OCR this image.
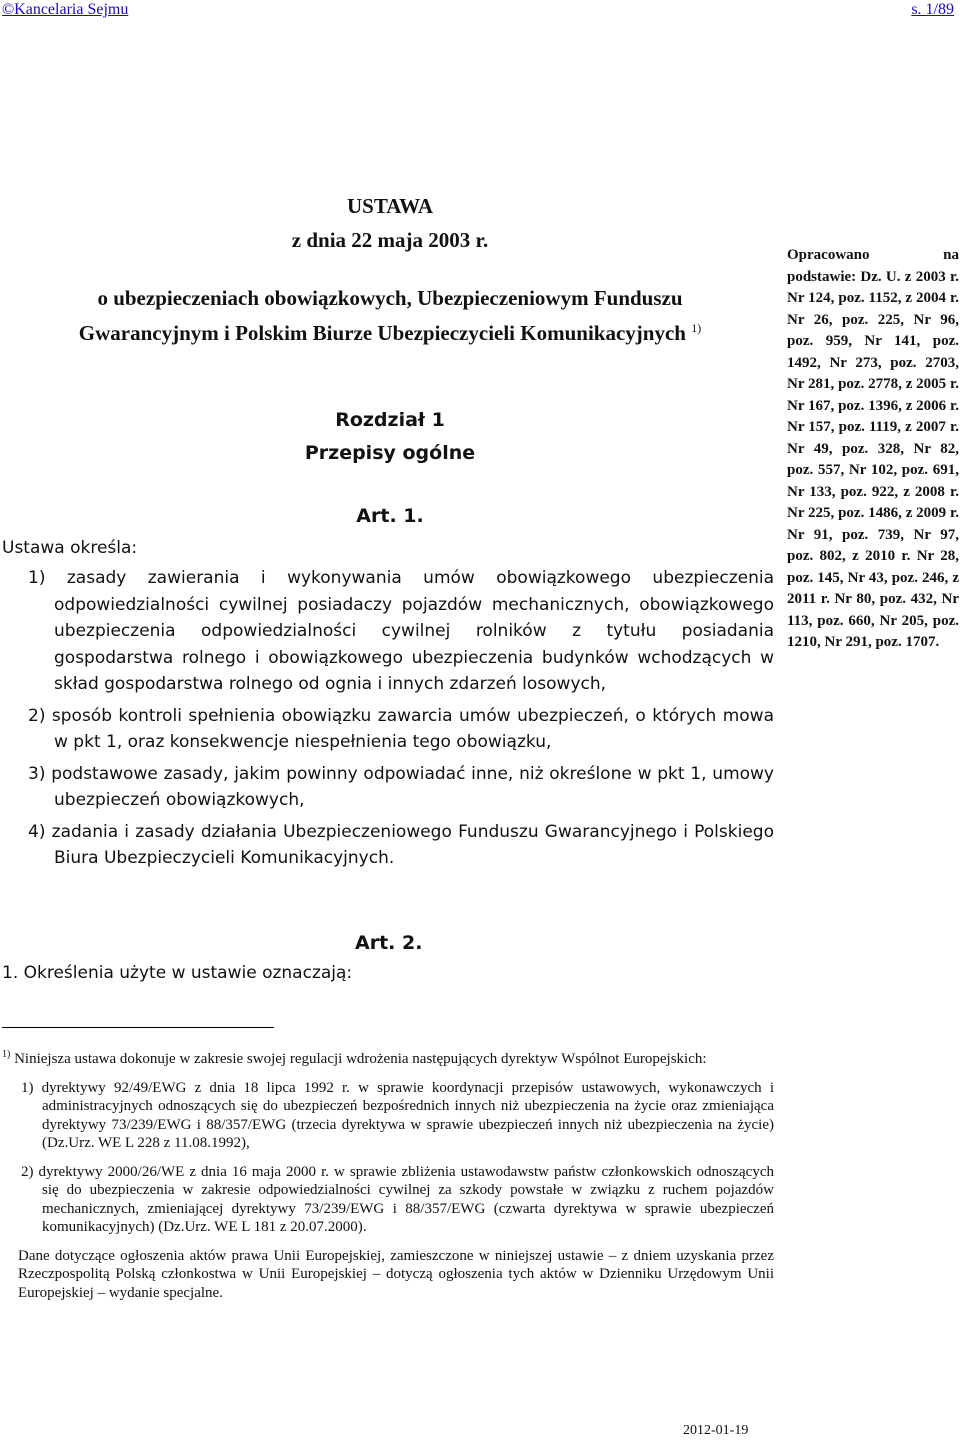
©Kancelaria Sejmu	s. 1/89
USTAWA
z dnia 22 maja 2003 r.
o ubezpieczeniach obowiązkowych, Ubezpieczeniowym Funduszu
Gwarancyjnym i Polskim Biurze Ubezpieczycieli Komunikacyjnych $^{1)}$
Rozdział 1
Przepisy ogólne
Art. 1.
Ustawa określa:
1) zasady zawierania i wykonywania umów obowiązkowego ubezpieczenia odpowiedzialności cywilnej posiadaczy pojazdów mechanicznych, obowiązkowego ubezpieczenia odpowiedzialności cywilnej rolników z tytułu posiadania gospodarstwa rolnego i obowiązkowego ubezpieczenia budynków wchodzących w skład gospodarstwa rolnego od ognia i innych zdarzeń losowych,
2) sposób kontroli spełnienia obowiązku zawarcia umów ubezpieczeń, o których mowa w pkt 1, oraz konsekwencje niespełnienia tego obowiązku,
3) podstawowe zasady, jakim powinny odpowiadać inne, niż określone w pkt 1, umowy ubezpieczeń obowiązkowych,
4) zadania i zasady działania Ubezpieczeniowego Funduszu Gwarancyjnego i Polskiego Biura Ubezpieczycieli Komunikacyjnych.
Opracowano na podstawie: Dz. U. z 2003 r. Nr 124, poz. 1152, z 2004 r. Nr 26, poz. 225, Nr 96, poz. 959, Nr 141, poz. 1492, Nr 273, poz. 2703, Nr 281, poz. 2778, z 2005 r. Nr 167, poz. 1396, z 2006 r. Nr 157, poz. 1119, z 2007 r. Nr 49, poz. 328, Nr 82, poz. 557, Nr 102, poz. 691, Nr 133, poz. 922, z 2008 r. Nr 225, poz. 1486, z 2009 r. Nr 91, poz. 739, Nr 97, poz. 802, z 2010 r. Nr 28, poz. 145, Nr 43, poz. 246, z 2011 r. Nr 80, poz. 432, Nr 113, poz. 660, Nr 205, poz. 1210, Nr 291, poz. 1707.
Art. 2.
1. Określenia użyte w ustawie oznaczają:

$^{1)}$ Niniejsza ustawa dokonuje w zakresie swojej regulacji wdrożenia następujących dyrektyw Wspólnot Europejskich:

1) dyrektywy 92/49/EWG z dnia 18 lipca 1992 r. w sprawie koordynacji przepisów ustawowych, wykonawczych i administracyjnych odnoszących się do ubezpieczeń bezpośrednich innych niż ubezpieczenia na życie oraz zmieniająca dyrektywy 73/239/EWG i 88/357/EWG (trzecia dyrektywa w sprawie ubezpieczeń innych niż ubezpieczenia na życie) (Dz.Urz. WE L 228 z 11.08.1992),

2) dyrektywy 2000/26/WE z dnia 16 maja 2000 r. w sprawie zbliżenia ustawodawstw państw członkowskich odnoszących się do ubezpieczenia w zakresie odpowiedzialności cywilnej za szkody powstałe w związku z ruchem pojazdów mechanicznych, zmieniającej dyrektywy 73/239/EWG i 88/357/EWG (czwarta dyrektywa w sprawie ubezpieczeń komunikacyjnych) (Dz.Urz. WE L 181 z 20.07.2000).

Dane dotyczące ogłoszenia aktów prawa Unii Europejskiej, zamieszczone w niniejszej ustawie – z dniem uzyskania przez Rzeczpospolitą Polską członkostwa w Unii Europejskiej – dotyczą ogłoszenia tych aktów w Dzienniku Urzędowym Unii Europejskiej – wydanie specjalne.

2012-01-19
